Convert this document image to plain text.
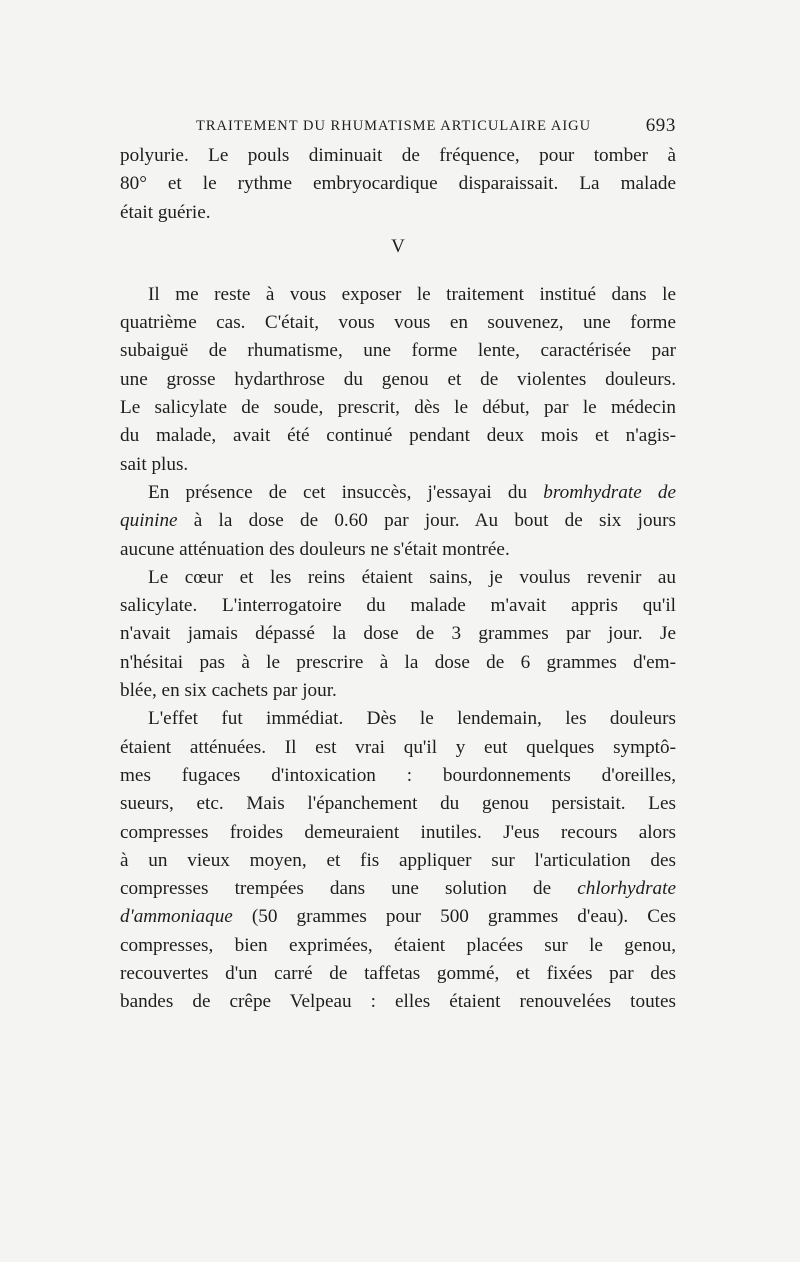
TRAITEMENT DU RHUMATISME ARTICULAIRE AIGU	693
polyurie. Le pouls diminuait de fréquence, pour tomber à
80° et le rythme embryocardique disparaissait. La malade
était guérie.
V
Il me reste à vous exposer le traitement institué dans le
quatrième cas. C'était, vous vous en souvenez, une forme
subaiguë de rhumatisme, une forme lente, caractérisée par
une grosse hydarthrose du genou et de violentes douleurs.
Le salicylate de soude, prescrit, dès le début, par le médecin
du malade, avait été continué pendant deux mois et n'agis-
sait plus.
En présence de cet insuccès, j'essayai du bromhydrate de
quinine à la dose de 0.60 par jour. Au bout de six jours
aucune atténuation des douleurs ne s'était montrée.
Le cœur et les reins étaient sains, je voulus revenir au
salicylate. L'interrogatoire du malade m'avait appris qu'il
n'avait jamais dépassé la dose de 3 grammes par jour. Je
n'hésitai pas à le prescrire à la dose de 6 grammes d'em-
blée, en six cachets par jour.
L'effet fut immédiat. Dès le lendemain, les douleurs
étaient atténuées. Il est vrai qu'il y eut quelques symptô-
mes fugaces d'intoxication : bourdonnements d'oreilles,
sueurs, etc. Mais l'épanchement du genou persistait. Les
compresses froides demeuraient inutiles. J'eus recours alors
à un vieux moyen, et fis appliquer sur l'articulation des
compresses trempées dans une solution de chlorhydrate
d'ammoniaque (50 grammes pour 500 grammes d'eau). Ces
compresses, bien exprimées, étaient placées sur le genou,
recouvertes d'un carré de taffetas gommé, et fixées par des
bandes de crêpe Velpeau : elles étaient renouvelées toutes
